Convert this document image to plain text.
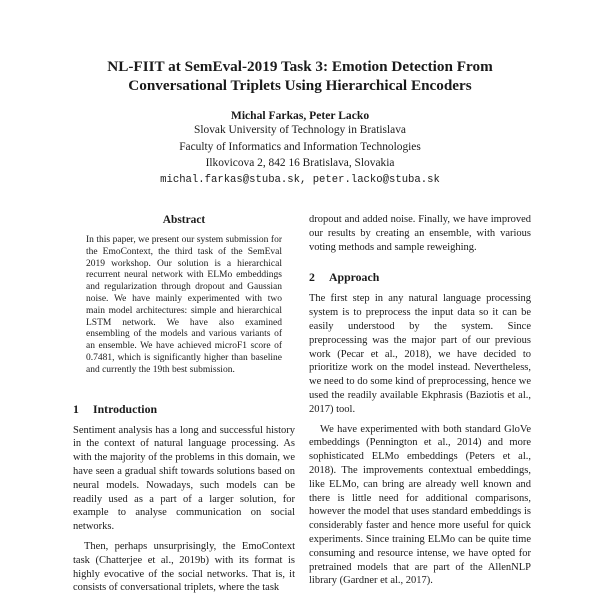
NL-FIIT at SemEval-2019 Task 3: Emotion Detection From
Conversational Triplets Using Hierarchical Encoders
Michal Farkas, Peter Lacko
Slovak University of Technology in Bratislava
Faculty of Informatics and Information Technologies
Ilkovicova 2, 842 16 Bratislava, Slovakia
michal.farkas@stuba.sk, peter.lacko@stuba.sk
Abstract

In this paper, we present our system submission for the EmoContext, the third task of the SemEval 2019 workshop. Our solution is a hierarchical recurrent neural network with ELMo embeddings and regularization through dropout and Gaussian noise. We have mainly experimented with two main model architectures: simple and hierarchical LSTM network. We have also examined ensembling of the models and various variants of an ensemble. We have achieved microF1 score of 0.7481, which is significantly higher than baseline and currently the 19th best submission.

1 Introduction

Sentiment analysis has a long and successful history in the context of natural language processing. As with the majority of the problems in this domain, we have seen a gradual shift towards solutions based on neural models. Nowadays, such models can be readily used as a part of a larger solution, for example to analyse communication on social networks.

Then, perhaps unsurprisingly, the EmoContext task (Chatterjee et al., 2019b) with its format is highly evocative of the social networks. That is, it consists of conversational triplets, where the task

dropout and added noise. Finally, we have improved our results by creating an ensemble, with various voting methods and sample reweighing.

2 Approach

The first step in any natural language processing system is to preprocess the input data so it can be easily understood by the system. Since preprocessing was the major part of our previous work (Pecar et al., 2018), we have decided to prioritize work on the model instead. Nevertheless, we need to do some kind of preprocessing, hence we used the readily available Ekphrasis (Baziotis et al., 2017) tool.

We have experimented with both standard GloVe embeddings (Pennington et al., 2014) and more sophisticated ELMo embeddings (Peters et al., 2018). The improvements contextual embeddings, like ELMo, can bring are already well known and there is little need for additional comparisons, however the model that uses standard embeddings is considerably faster and hence more useful for quick experiments. Since training ELMo can be quite time consuming and resource intense, we have opted for pretrained models that are part of the AllenNLP library (Gardner et al., 2017).
